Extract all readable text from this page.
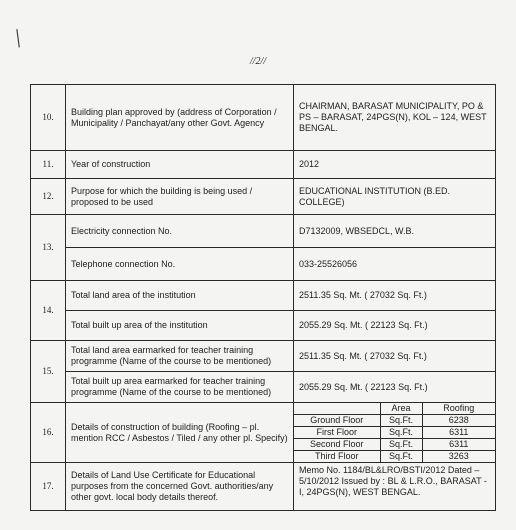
╱
//2//
10.	Building plan approved by (address of Corporation / Municipality / Panchayat/any other Govt. Agency	CHAIRMAN, BARASAT MUNICIPALITY, PO & PS – BARASAT, 24PGS(N), KOL – 124, WEST BENGAL.
11.	Year of construction	2012
12.	Purpose for which the building is being used / proposed to be used	EDUCATIONAL INSTITUTION (B.ED. COLLEGE)
13.	Electricity connection No.	D7132009, WBSEDCL, W.B.
Telephone connection No.	033-25526056
14.	Total land area of the institution	2511.35 Sq. Mt. ( 27032 Sq. Ft.)
Total built up area of the institution	2055.29 Sq. Mt. ( 22123 Sq. Ft.)
15.	Total land area earmarked for teacher training programme (Name of the course to be mentioned)	2511.35 Sq. Mt. ( 27032 Sq. Ft.)
Total built up area earmarked for teacher training programme (Name of the course to be mentioned)	2055.29 Sq. Mt. ( 22123 Sq. Ft.)
16.	Details of construction of building (Roofing – pl. mention RCC / Asbestos / Tiled / any other pl. Specify)	
	Area	Roofing
Ground Floor	Sq.Ft.	6238
First Floor	Sq.Ft.	6311
Second Floor	Sq.Ft.	6311
Third Floor	Sq.Ft.	3263

17.	Details of Land Use Certificate for Educational purposes from the concerned Govt. authorities/any other govt. local body details thereof.	Memo No. 1184/BL&LRO/BSTI/2012 Dated – 5/10/2012 Issued by : BL & L.R.O., BARASAT -I, 24PGS(N), WEST BENGAL.
